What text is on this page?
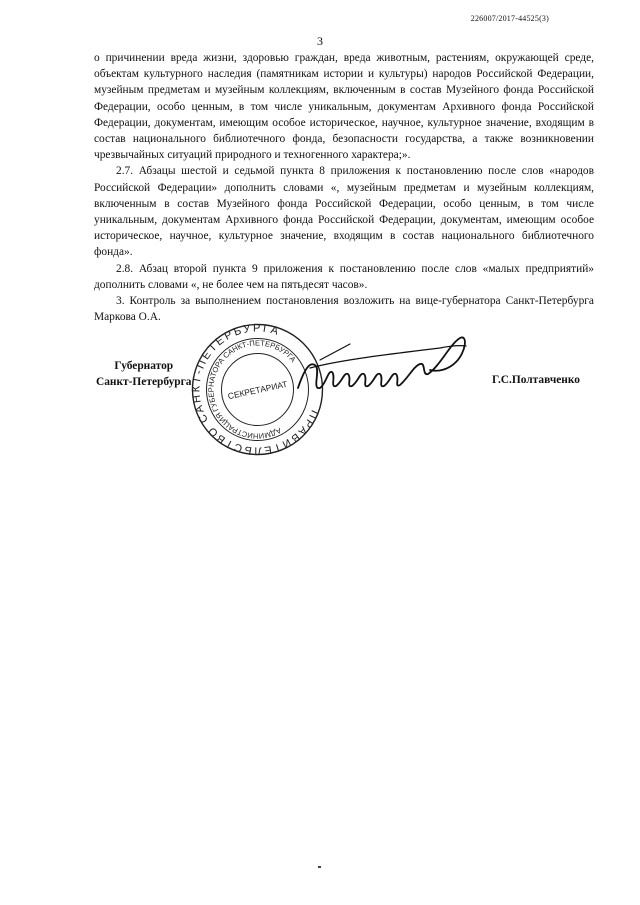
226007/2017-44525(3)
3

о причинении вреда жизни, здоровью граждан, вреда животным, растениям, окружающей среде, объектам культурного наследия (памятникам истории и культуры) народов Российской Федерации, музейным предметам и музейным коллекциям, включенным в состав Музейного фонда Российской Федерации, особо ценным, в том числе уникальным, документам Архивного фонда Российской Федерации, документам, имеющим особое историческое, научное, культурное значение, входящим в состав национального библиотечного фонда, безопасности государства, а также возникновении чрезвычайных ситуаций природного и техногенного характера;».

2.7. Абзацы шестой и седьмой пункта 8 приложения к постановлению после слов «народов Российской Федерации» дополнить словами «, музейным предметам и музейным коллекциям, включенным в состав Музейного фонда Российской Федерации, особо ценным, в том числе уникальным, документам Архивного фонда Российской Федерации, документам, имеющим особое историческое, научное, культурное значение, входящим в состав национального библиотечного фонда».

2.8. Абзац второй пункта 9 приложения к постановлению после слов «малых предприятий» дополнить словами «, не более чем на пятьдесят часов».

3. Контроль за выполнением постановления возложить на вице-губернатора Санкт-Петербурга Маркова О.А.

ПРАВИТЕЛЬСТВО САНКТ-ПЕТЕРБУРГА
АДМИНИСТРАЦИЯ ГУБЕРНАТОРА САНКТ-ПЕТЕРБУРГА
СЕКРЕТАРИАТ
Губернатор
Санкт-Петербурга	Г.С.Полтавченко
